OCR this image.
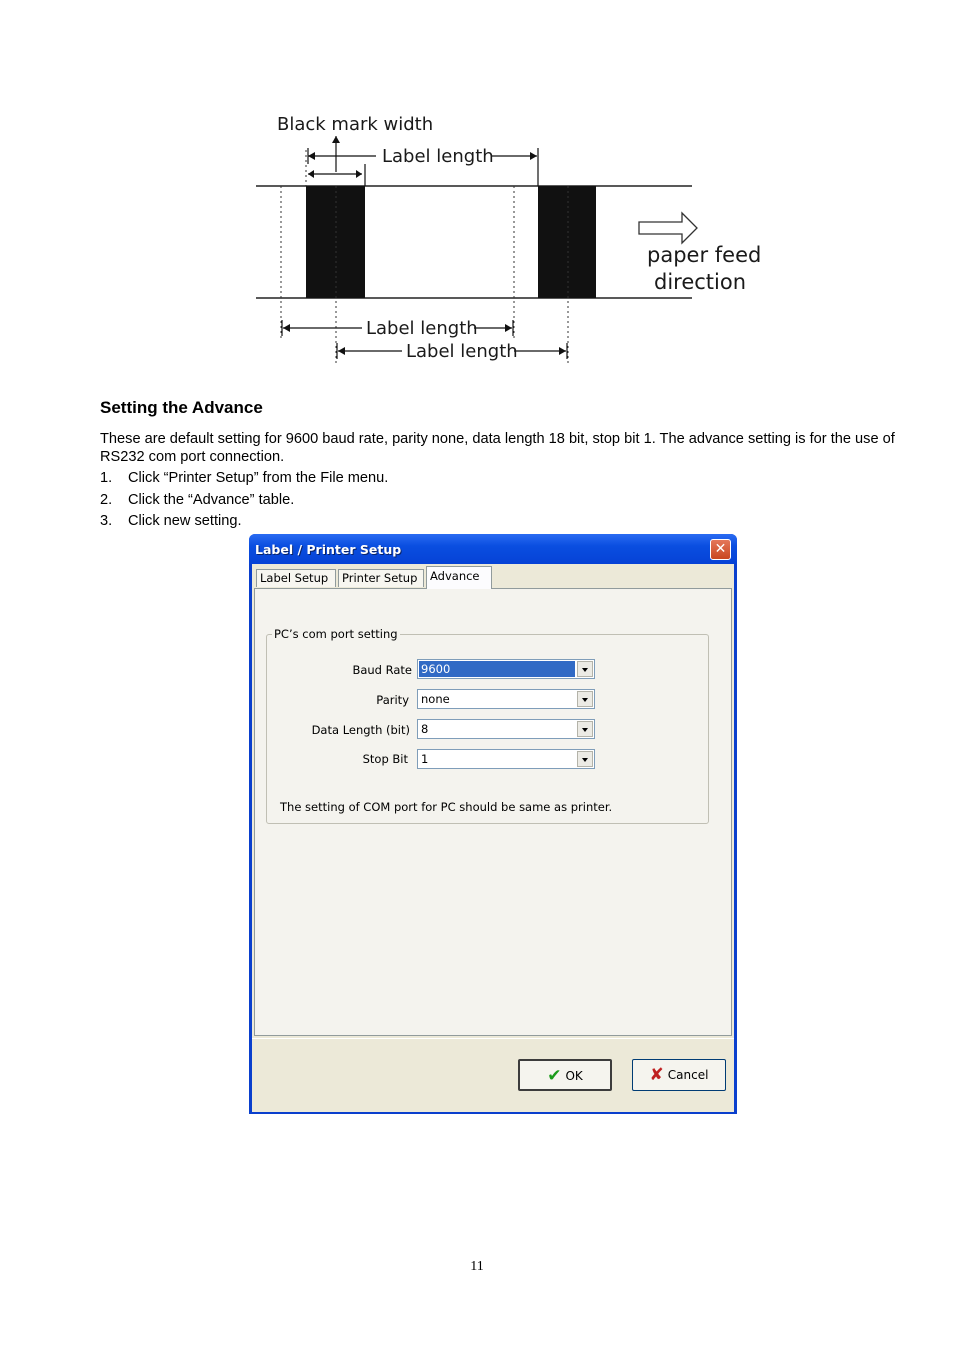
Black mark width
Label length
Label length
Label length
paper feed
direction
Setting the Advance

These are default setting for 9600 baud rate, parity none, data length 18 bit, stop bit 1. The advance setting is for the use of RS232 com port connection.

1. Click “Printer Setup” from the File menu.
2. Click the “Advance” table.
3. Click new setting.
Label / Printer Setup	✕
Label Setup	Printer Setup	Advance
PC’s com port setting
Baud Rate 9600
Parity none
Data Length (bit) 8
Stop Bit 1
The setting of COM port for PC should be same as printer.
✔ OK	✘ Cancel
11
